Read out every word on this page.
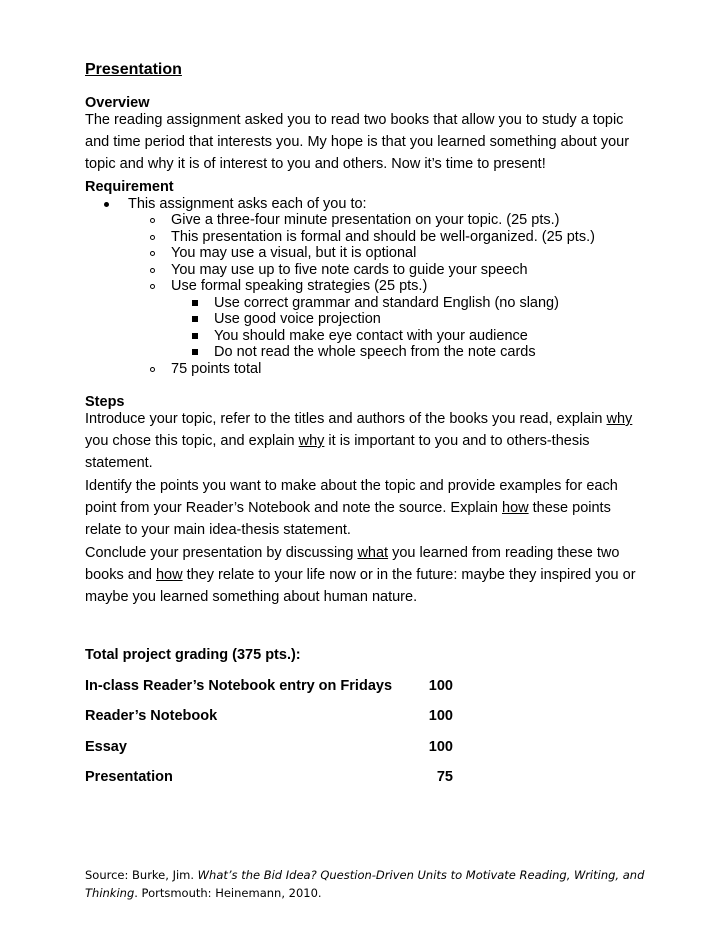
Presentation
Overview

The reading assignment asked you to read two books that allow you to study a topic and time period that interests you. My hope is that you learned something about your topic and why it is of interest to you and others. Now it’s time to present!

Requirement
This assignment asks each of you to:
Give a three-four minute presentation on your topic. (25 pts.)
This presentation is formal and should be well-organized. (25 pts.)
You may use a visual, but it is optional
You may use up to five note cards to guide your speech
Use formal speaking strategies (25 pts.)
Use correct grammar and standard English (no slang)
Use good voice projection
You should make eye contact with your audience
Do not read the whole speech from the note cards
75 points total
Steps

Introduce your topic, refer to the titles and authors of the books you read, explain why you chose this topic, and explain why it is important to you and to others-thesis statement.

Identify the points you want to make about the topic and provide examples for each point from your Reader’s Notebook and note the source. Explain how these points relate to your main idea-thesis statement.

Conclude your presentation by discussing what you learned from reading these two books and how they relate to your life now or in the future: maybe they inspired you or maybe you learned something about human nature.

Total project grading (375 pts.):
In-class Reader’s Notebook entry on Fridays	100
Reader’s Notebook	100
Essay	100
Presentation	75

Source: Burke, Jim. What’s the Bid Idea? Question-Driven Units to Motivate Reading, Writing, and Thinking. Portsmouth: Heinemann, 2010.
